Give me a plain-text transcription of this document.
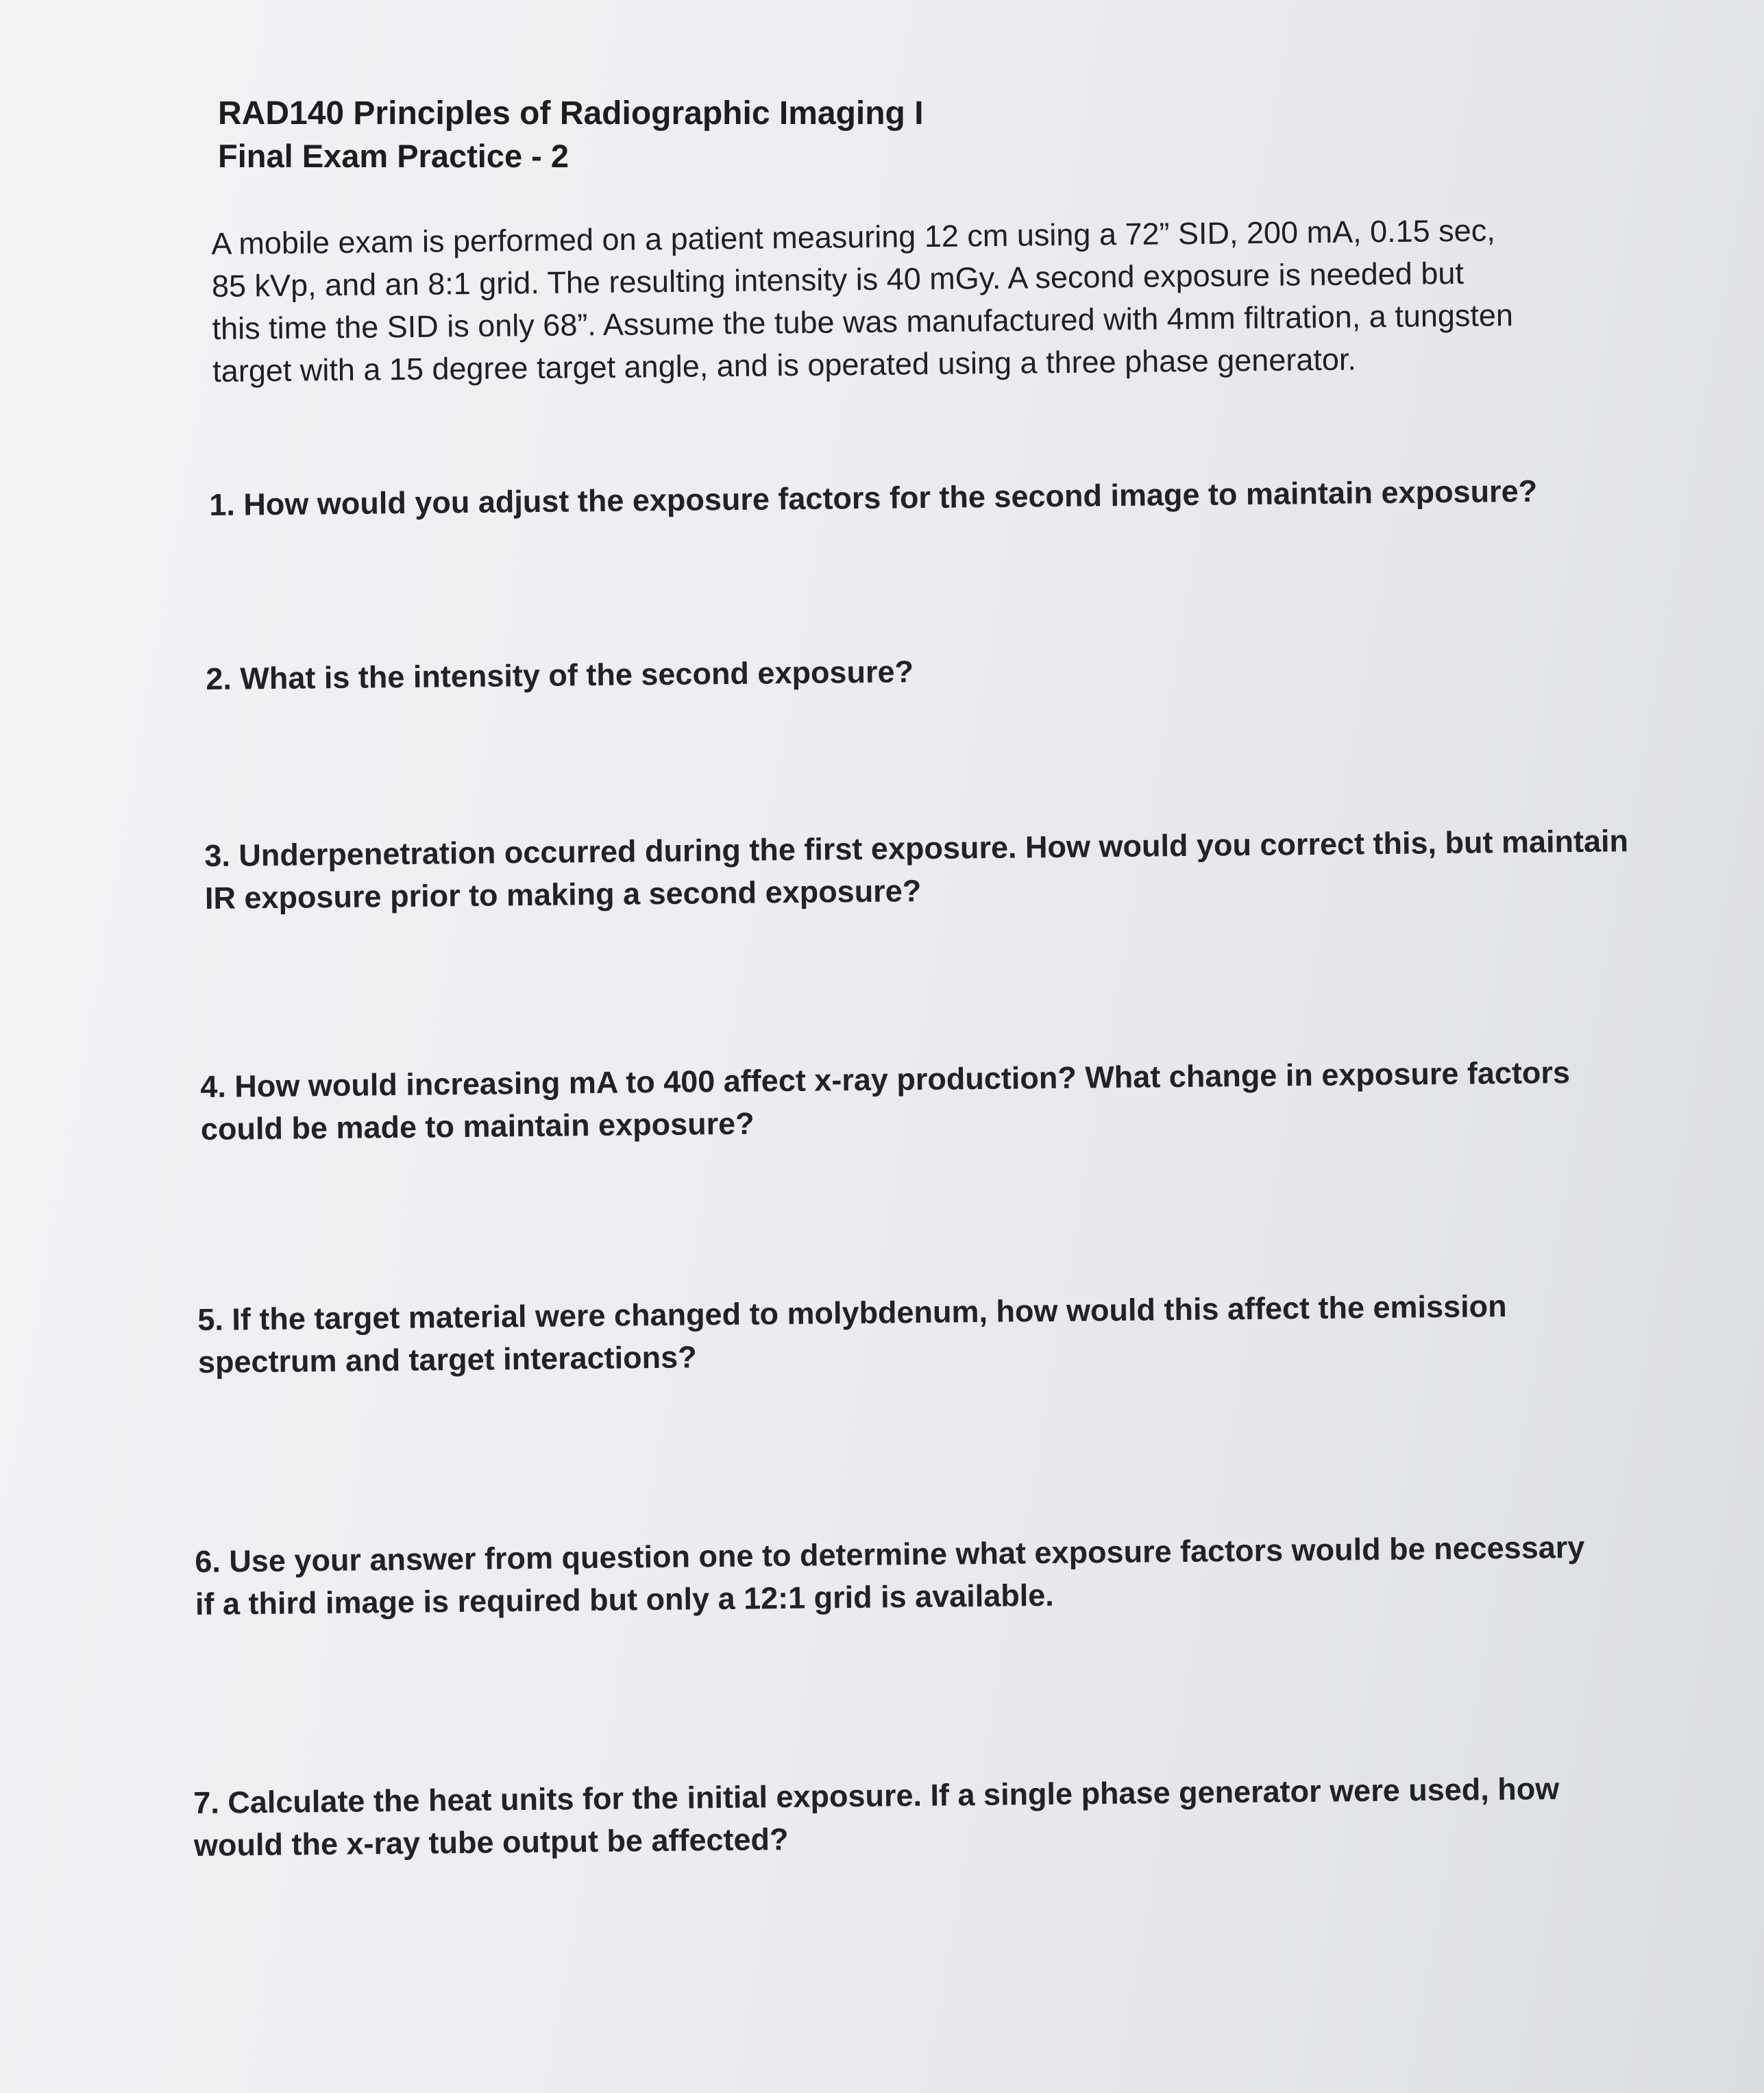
RAD140 Principles of Radiographic Imaging I
Final Exam Practice - 2
A mobile exam is performed on a patient measuring 12 cm using a 72” SID, 200 mA, 0.15 sec,
85 kVp, and an 8:1 grid. The resulting intensity is 40 mGy. A second exposure is needed but
this time the SID is only 68”. Assume the tube was manufactured with 4mm filtration, a tungsten
target with a 15 degree target angle, and is operated using a three phase generator.
1. How would you adjust the exposure factors for the second image to maintain exposure?
2. What is the intensity of the second exposure?
3. Underpenetration occurred during the first exposure. How would you correct this, but maintain
IR exposure prior to making a second exposure?
4. How would increasing mA to 400 affect x-ray production? What change in exposure factors
could be made to maintain exposure?
5. If the target material were changed to molybdenum, how would this affect the emission
spectrum and target interactions?
6. Use your answer from question one to determine what exposure factors would be necessary
if a third image is required but only a 12:1 grid is available.
7. Calculate the heat units for the initial exposure. If a single phase generator were used, how
would the x-ray tube output be affected?
